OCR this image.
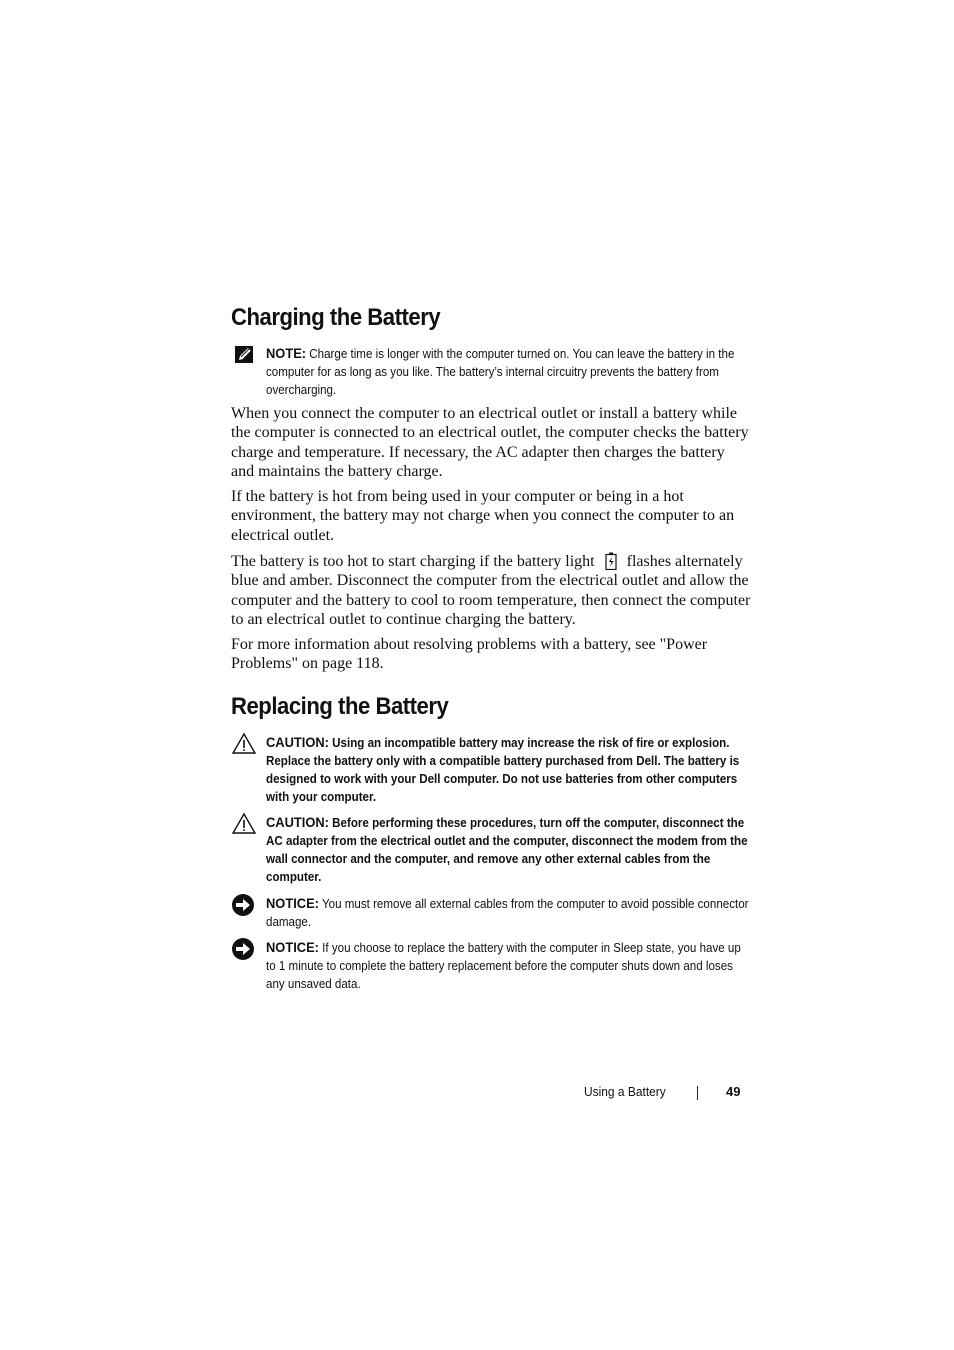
Charging the Battery
NOTE: Charge time is longer with the computer turned on. You can leave the battery in the computer for as long as you like. The battery’s internal circuitry prevents the battery from overcharging.

When you connect the computer to an electrical outlet or install a battery while the computer is connected to an electrical outlet, the computer checks the battery charge and temperature. If necessary, the AC adapter then charges the battery and maintains the battery charge.

If the battery is hot from being used in your computer or being in a hot environment, the battery may not charge when you connect the computer to an electrical outlet.

The battery is too hot to start charging if the battery light flashes alternately blue and amber. Disconnect the computer from the electrical outlet and allow the computer and the battery to cool to room temperature, then connect the computer to an electrical outlet to continue charging the battery.

For more information about resolving problems with a battery, see "Power Problems" on page 118.

Replacing the Battery
CAUTION: Using an incompatible battery may increase the risk of fire or explosion. Replace the battery only with a compatible battery purchased from Dell. The battery is designed to work with your Dell computer. Do not use batteries from other computers with your computer.
CAUTION: Before performing these procedures, turn off the computer, disconnect the AC adapter from the electrical outlet and the computer, disconnect the modem from the wall connector and the computer, and remove any other external cables from the computer.
NOTICE: You must remove all external cables from the computer to avoid possible connector damage.
NOTICE: If you choose to replace the battery with the computer in Sleep state, you have up to 1 minute to complete the battery replacement before the computer shuts down and loses any unsaved data.
Using a Battery	49
